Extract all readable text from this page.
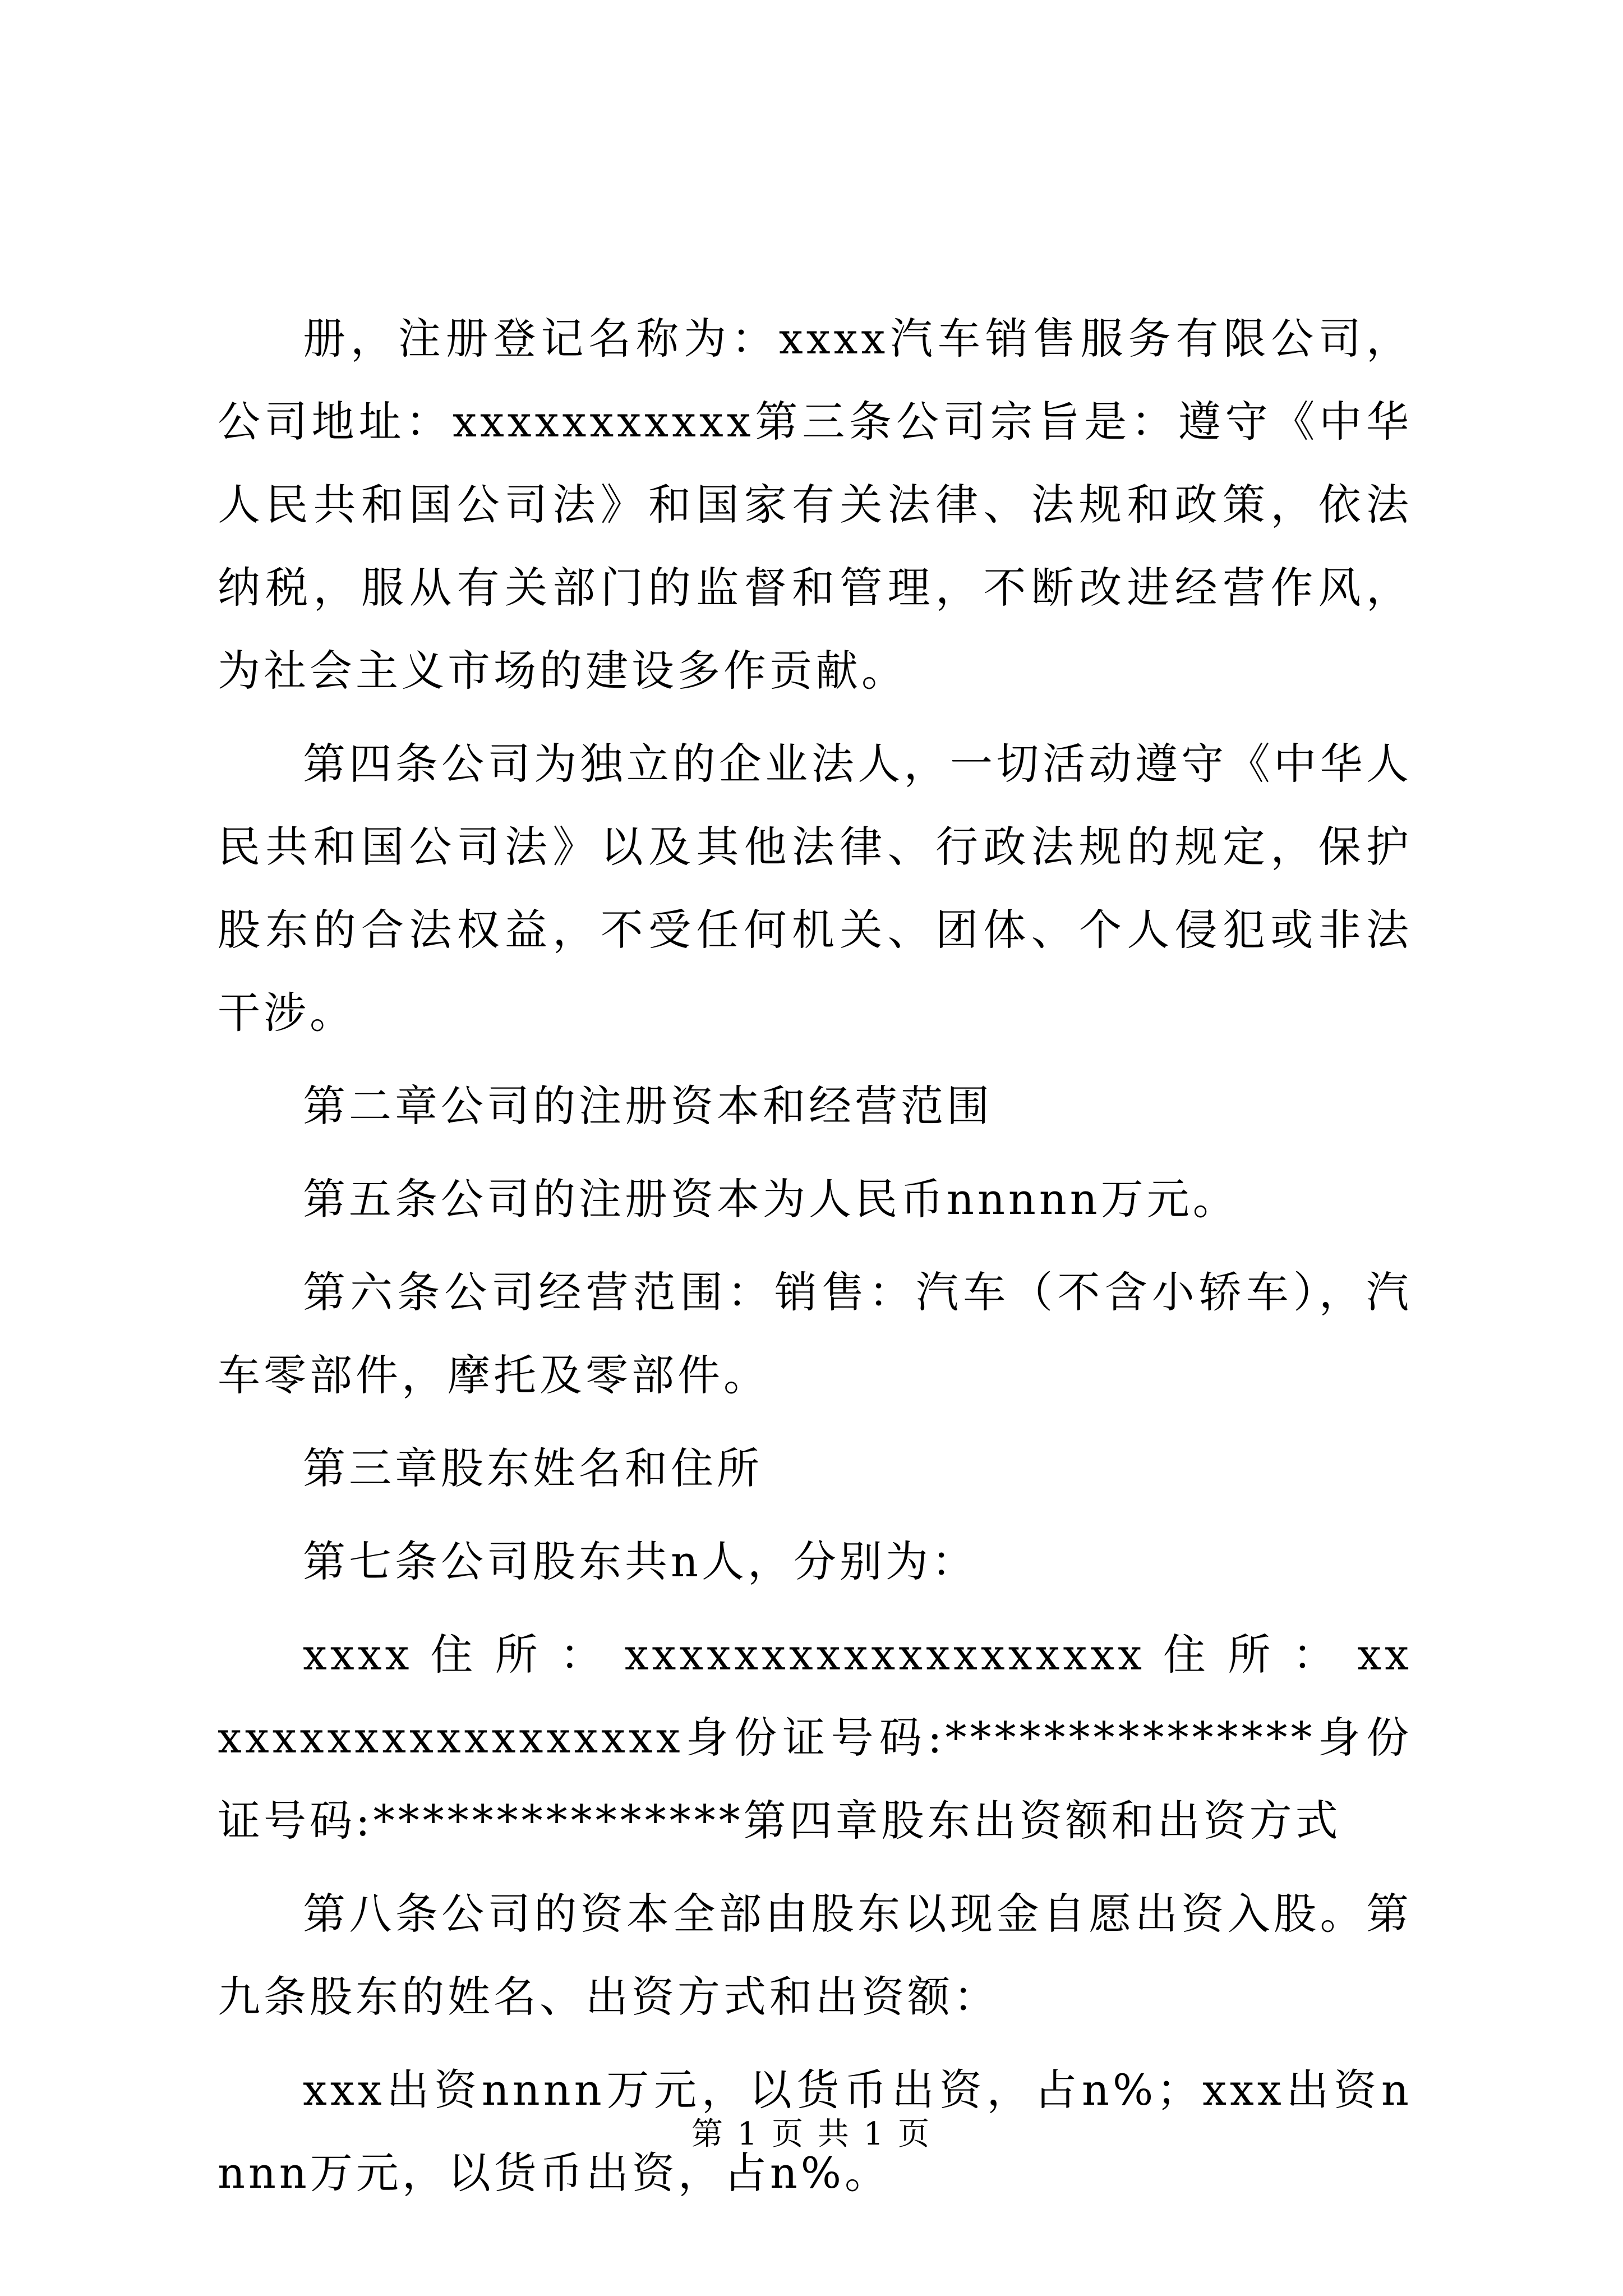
册，注册登记名称为：xxxx汽车销售服务有限公司，公司地址：xxxxxxxxxxx第三条公司宗旨是：遵守《中华人民共和国公司法》和国家有关法律、法规和政策，依法纳税，服从有关部门的监督和管理，不断改进经营作风，为社会主义市场的建设多作贡献。

第四条公司为独立的企业法人，一切活动遵守《中华人民共和国公司法》以及其他法律、行政法规的规定，保护股东的合法权益，不受任何机关、团体、个人侵犯或非法干涉。

第二章公司的注册资本和经营范围

第五条公司的注册资本为人民币nnnnn万元。

第六条公司经营范围：销售：汽车（不含小轿车），汽车零部件，摩托及零部件。

第三章股东姓名和住所

第七条公司股东共n人，分别为：

xxxx 住 所 ： xxxxxxxxxxxxxxxxxxx 住 所 ： xxxxxxxxxxxxxxxxxxx身份证号码:***************身份证号码:***************第四章股东出资额和出资方式

第八条公司的资本全部由股东以现金自愿出资入股。第九条股东的姓名、出资方式和出资额：

xxx出资nnnn万元，以货币出资，占n%；xxx出资nnnn万元，以货币出资，占n%。

第 1 页 共 1 页
